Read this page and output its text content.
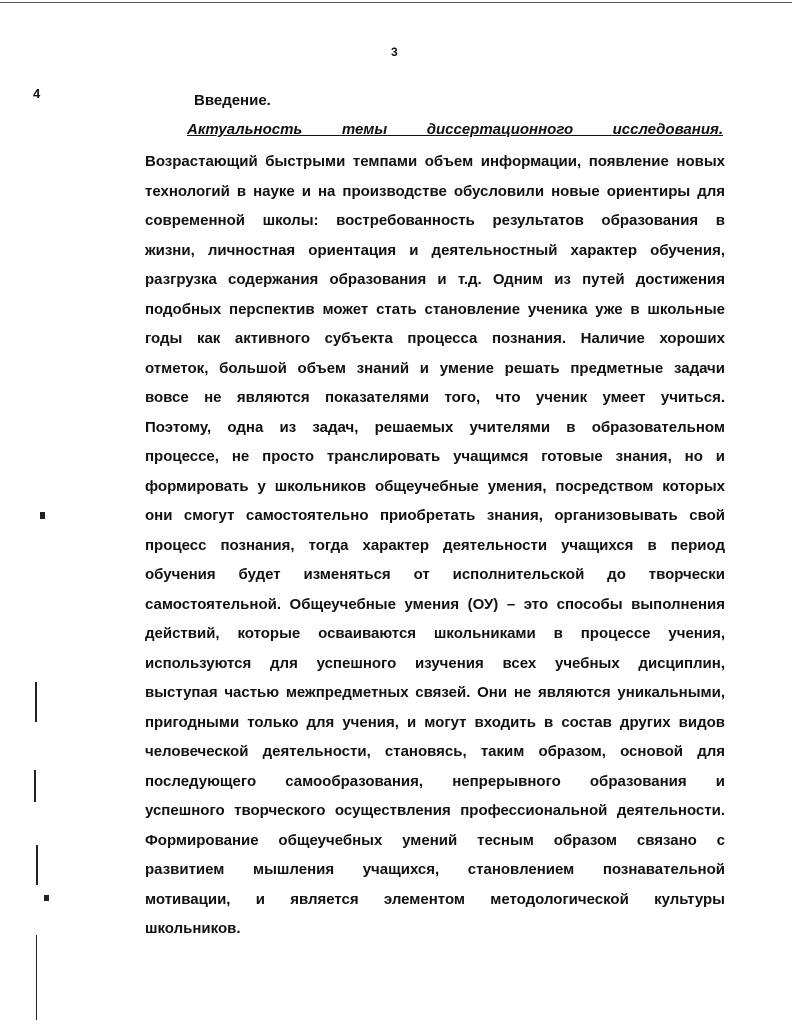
3
4	Введение.
Актуальность темы диссертационного исследования.
Возрастающий быстрыми темпами объем информации, появление новых
технологий в науке и на производстве обусловили новые ориентиры для
современной школы: востребованность результатов образования в
жизни, личностная ориентация и деятельностный характер обучения,
разгрузка содержания образования и т.д. Одним из путей достижения
подобных перспектив может стать становление ученика уже в школьные
годы как активного субъекта процесса познания. Наличие хороших
отметок, большой объем знаний и умение решать предметные задачи
вовсе не являются показателями того, что ученик умеет учиться.
Поэтому, одна из задач, решаемых учителями в образовательном
процессе, не просто транслировать учащимся готовые знания, но и
формировать у школьников общеучебные умения, посредством которых
они смогут самостоятельно приобретать знания, организовывать свой
процесс познания, тогда характер деятельности учащихся в период
обучения будет изменяться от исполнительской до творчески
самостоятельной. Общеучебные умения (ОУ) – это способы выполнения
действий, которые осваиваются школьниками в процессе учения,
используются для успешного изучения всех учебных дисциплин,
выступая частью межпредметных связей. Они не являются уникальными,
пригодными только для учения, и могут входить в состав других видов
человеческой деятельности, становясь, таким образом, основой для
последующего самообразования, непрерывного образования и
успешного творческого осуществления профессиональной деятельности.
Формирование общеучебных умений тесным образом связано с
развитием мышления учащихся, становлением познавательной
мотивации, и является элементом методологической культуры
школьников.
